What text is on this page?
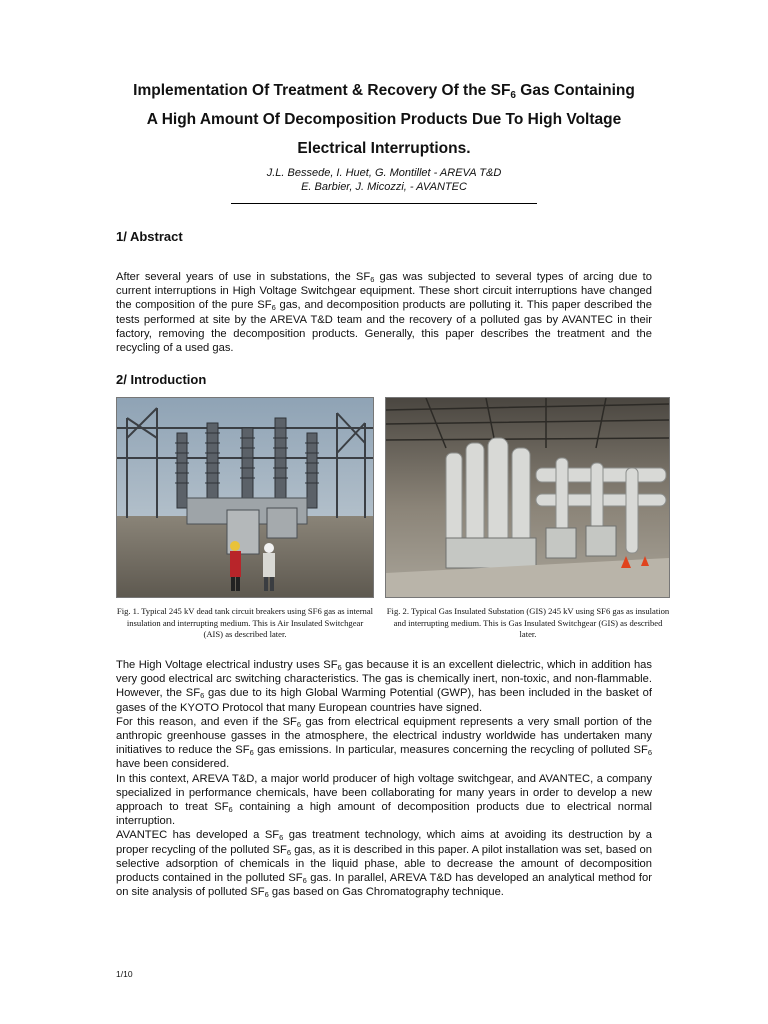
Implementation Of Treatment & Recovery Of the $SF_6$ Gas Containing
A High Amount Of Decomposition Products Due To High Voltage
Electrical Interruptions.
J.L. Bessede, I. Huet, G. Montillet - AREVA T&D
E. Barbier, J. Micozzi, - AVANTEC
1/ Abstract

After several years of use in substations, the $SF_6$ gas was subjected to several types of arcing due to current interruptions in High Voltage Switchgear equipment. These short circuit interruptions have changed the composition of the pure $SF_6$ gas, and decomposition products are polluting it. This paper described the tests performed at site by the AREVA T&D team and the recovery of a polluted gas by AVANTEC in their factory, removing the decomposition products. Generally, this paper describes the treatment and the recycling of a used gas.

2/ Introduction
Fig. 1. Typical 245 kV dead tank circuit breakers using SF6 gas as internal insulation and interrupting medium. This is Air Insulated Switchgear (AIS) as described later.
Fig. 2. Typical Gas Insulated Substation (GIS) 245 kV using SF6 gas as insulation and interrupting medium. This is Gas Insulated Switchgear (GIS) as described later.

The High Voltage electrical industry uses $SF_6$ gas because it is an excellent dielectric, which in addition has very good electrical arc switching characteristics. The gas is chemically inert, non-toxic, and non-flammable. However, the $SF_6$ gas due to its high Global Warming Potential (GWP), has been included in the basket of gases of the KYOTO Protocol that many European countries have signed.

For this reason, and even if the $SF_6$ gas from electrical equipment represents a very small portion of the anthropic greenhouse gasses in the atmosphere, the electrical industry worldwide has undertaken many initiatives to reduce the $SF_6$ gas emissions. In particular, measures concerning the recycling of polluted $SF_6$ have been considered.

In this context, AREVA T&D, a major world producer of high voltage switchgear, and AVANTEC, a company specialized in performance chemicals, have been collaborating for many years in order to develop a new approach to treat $SF_6$ containing a high amount of decomposition products due to electrical normal interruption.

AVANTEC has developed a $SF_6$ gas treatment technology, which aims at avoiding its destruction by a proper recycling of the polluted $SF_6$ gas, as it is described in this paper. A pilot installation was set, based on selective adsorption of chemicals in the liquid phase, able to decrease the amount of decomposition products contained in the polluted $SF_6$ gas. In parallel, AREVA T&D has developed an analytical method for on site analysis of polluted $SF_6$ gas based on Gas Chromatography technique.

1/10
